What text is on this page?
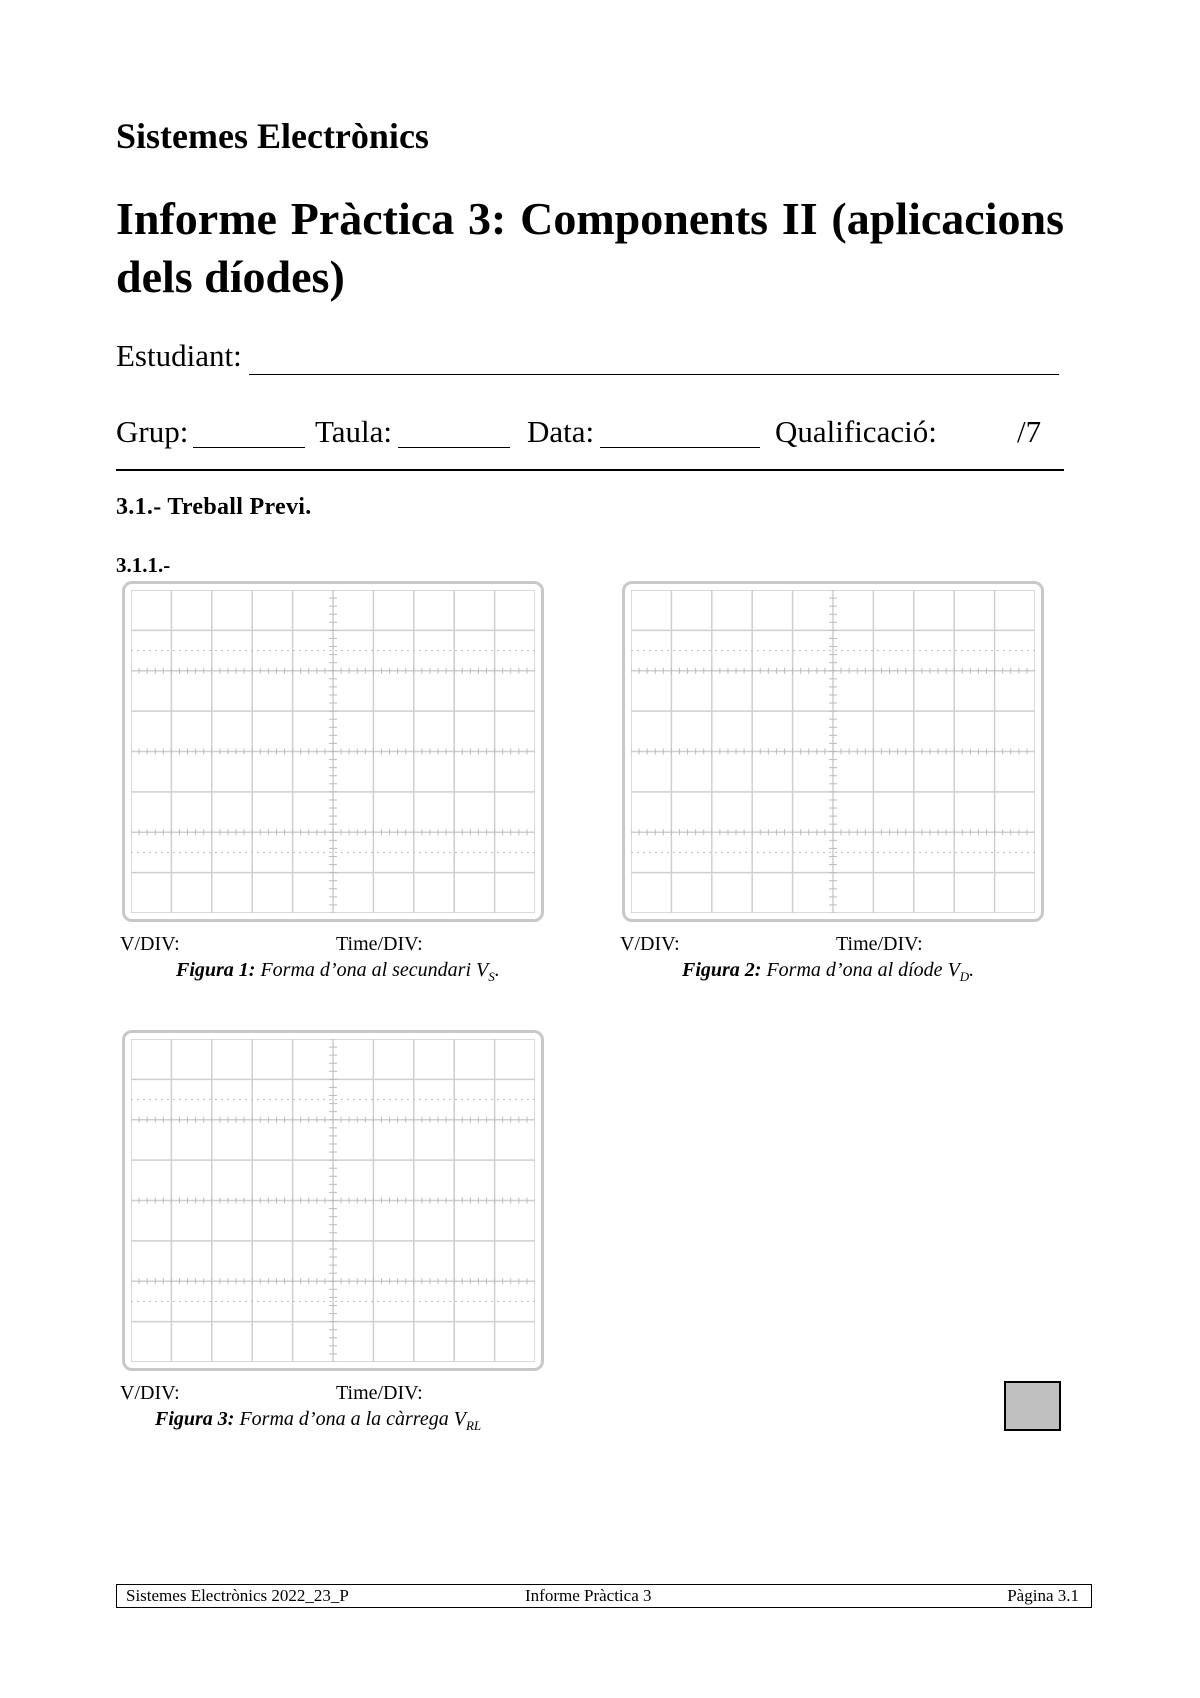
Sistemes Electrònics
Informe Pràctica 3: Components II (aplicacions dels díodes)
Estudiant:
Grup:	Taula:	Data:	Qualificació:	/7
3.1.- Treball Previ.
3.1.1.-
V/DIV:	Time/DIV:
Figura 1: Forma d’ona al secundari $V_S$.
V/DIV:	Time/DIV:
Figura 2: Forma d’ona al díode $V_D$.
V/DIV:	Time/DIV:
Figura 3: Forma d’ona a la càrrega $V_{RL}$
Sistemes Electrònics 2022_23_P	Informe Pràctica 3	Pàgina 3.1
